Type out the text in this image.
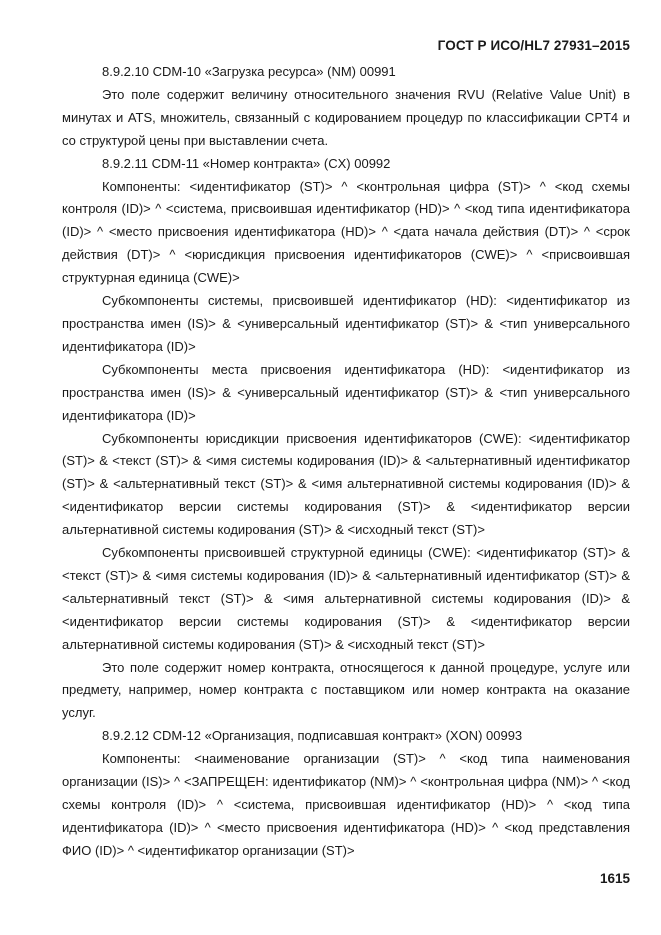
ГОСТ Р ИСО/HL7 27931–2015

8.9.2.10 CDM-10 «Загрузка ресурса» (NM) 00991

Это поле содержит величину относительного значения RVU (Relative Value Unit) в минутах и ATS, множитель, связанный с кодированием процедур по классификации CPT4 и со структурой цены при выставлении счета.

8.9.2.11 CDM-11 «Номер контракта» (CX) 00992

Компоненты: <идентификатор (ST)> ^ <контрольная цифра (ST)> ^ <код схемы контроля (ID)> ^ <система, присвоившая идентификатор (HD)> ^ <код типа идентификатора (ID)> ^ <место присвоения идентификатора (HD)> ^ <дата начала действия (DT)> ^ <срок действия (DT)> ^ <юрисдикция присвоения идентификаторов (CWE)> ^ <присвоившая структурная единица (CWE)>

Субкомпоненты системы, присвоившей идентификатор (HD): <идентификатор из пространства имен (IS)> & <универсальный идентификатор (ST)> & <тип универсального идентификатора (ID)>

Субкомпоненты места присвоения идентификатора (HD): <идентификатор из пространства имен (IS)> & <универсальный идентификатор (ST)> & <тип универсального идентификатора (ID)>

Субкомпоненты юрисдикции присвоения идентификаторов (CWE): <идентификатор (ST)> & <текст (ST)> & <имя системы кодирования (ID)> & <альтернативный идентификатор (ST)> & <альтернативный текст (ST)> & <имя альтернативной системы кодирования (ID)> & <идентификатор версии системы кодирования (ST)> & <идентификатор версии альтернативной системы кодирования (ST)> & <исходный текст (ST)>

Субкомпоненты присвоившей структурной единицы (CWE): <идентификатор (ST)> & <текст (ST)> & <имя системы кодирования (ID)> & <альтернативный идентификатор (ST)> & <альтернативный текст (ST)> & <имя альтернативной системы кодирования (ID)> & <идентификатор версии системы кодирования (ST)> & <идентификатор версии альтернативной системы кодирования (ST)> & <исходный текст (ST)>

Это поле содержит номер контракта, относящегося к данной процедуре, услуге или предмету, например, номер контракта с поставщиком или номер контракта на оказание услуг.

8.9.2.12 CDM-12 «Организация, подписавшая контракт» (XON) 00993

Компоненты: <наименование организации (ST)> ^ <код типа наименования организации (IS)> ^ <ЗАПРЕЩЕН: идентификатор (NM)> ^ <контрольная цифра (NM)> ^ <код схемы контроля (ID)> ^ <система, присвоившая идентификатор (HD)> ^ <код типа идентификатора (ID)> ^ <место присвоения идентификатора (HD)> ^ <код представления ФИО (ID)> ^ <идентификатор организации (ST)>

1615
